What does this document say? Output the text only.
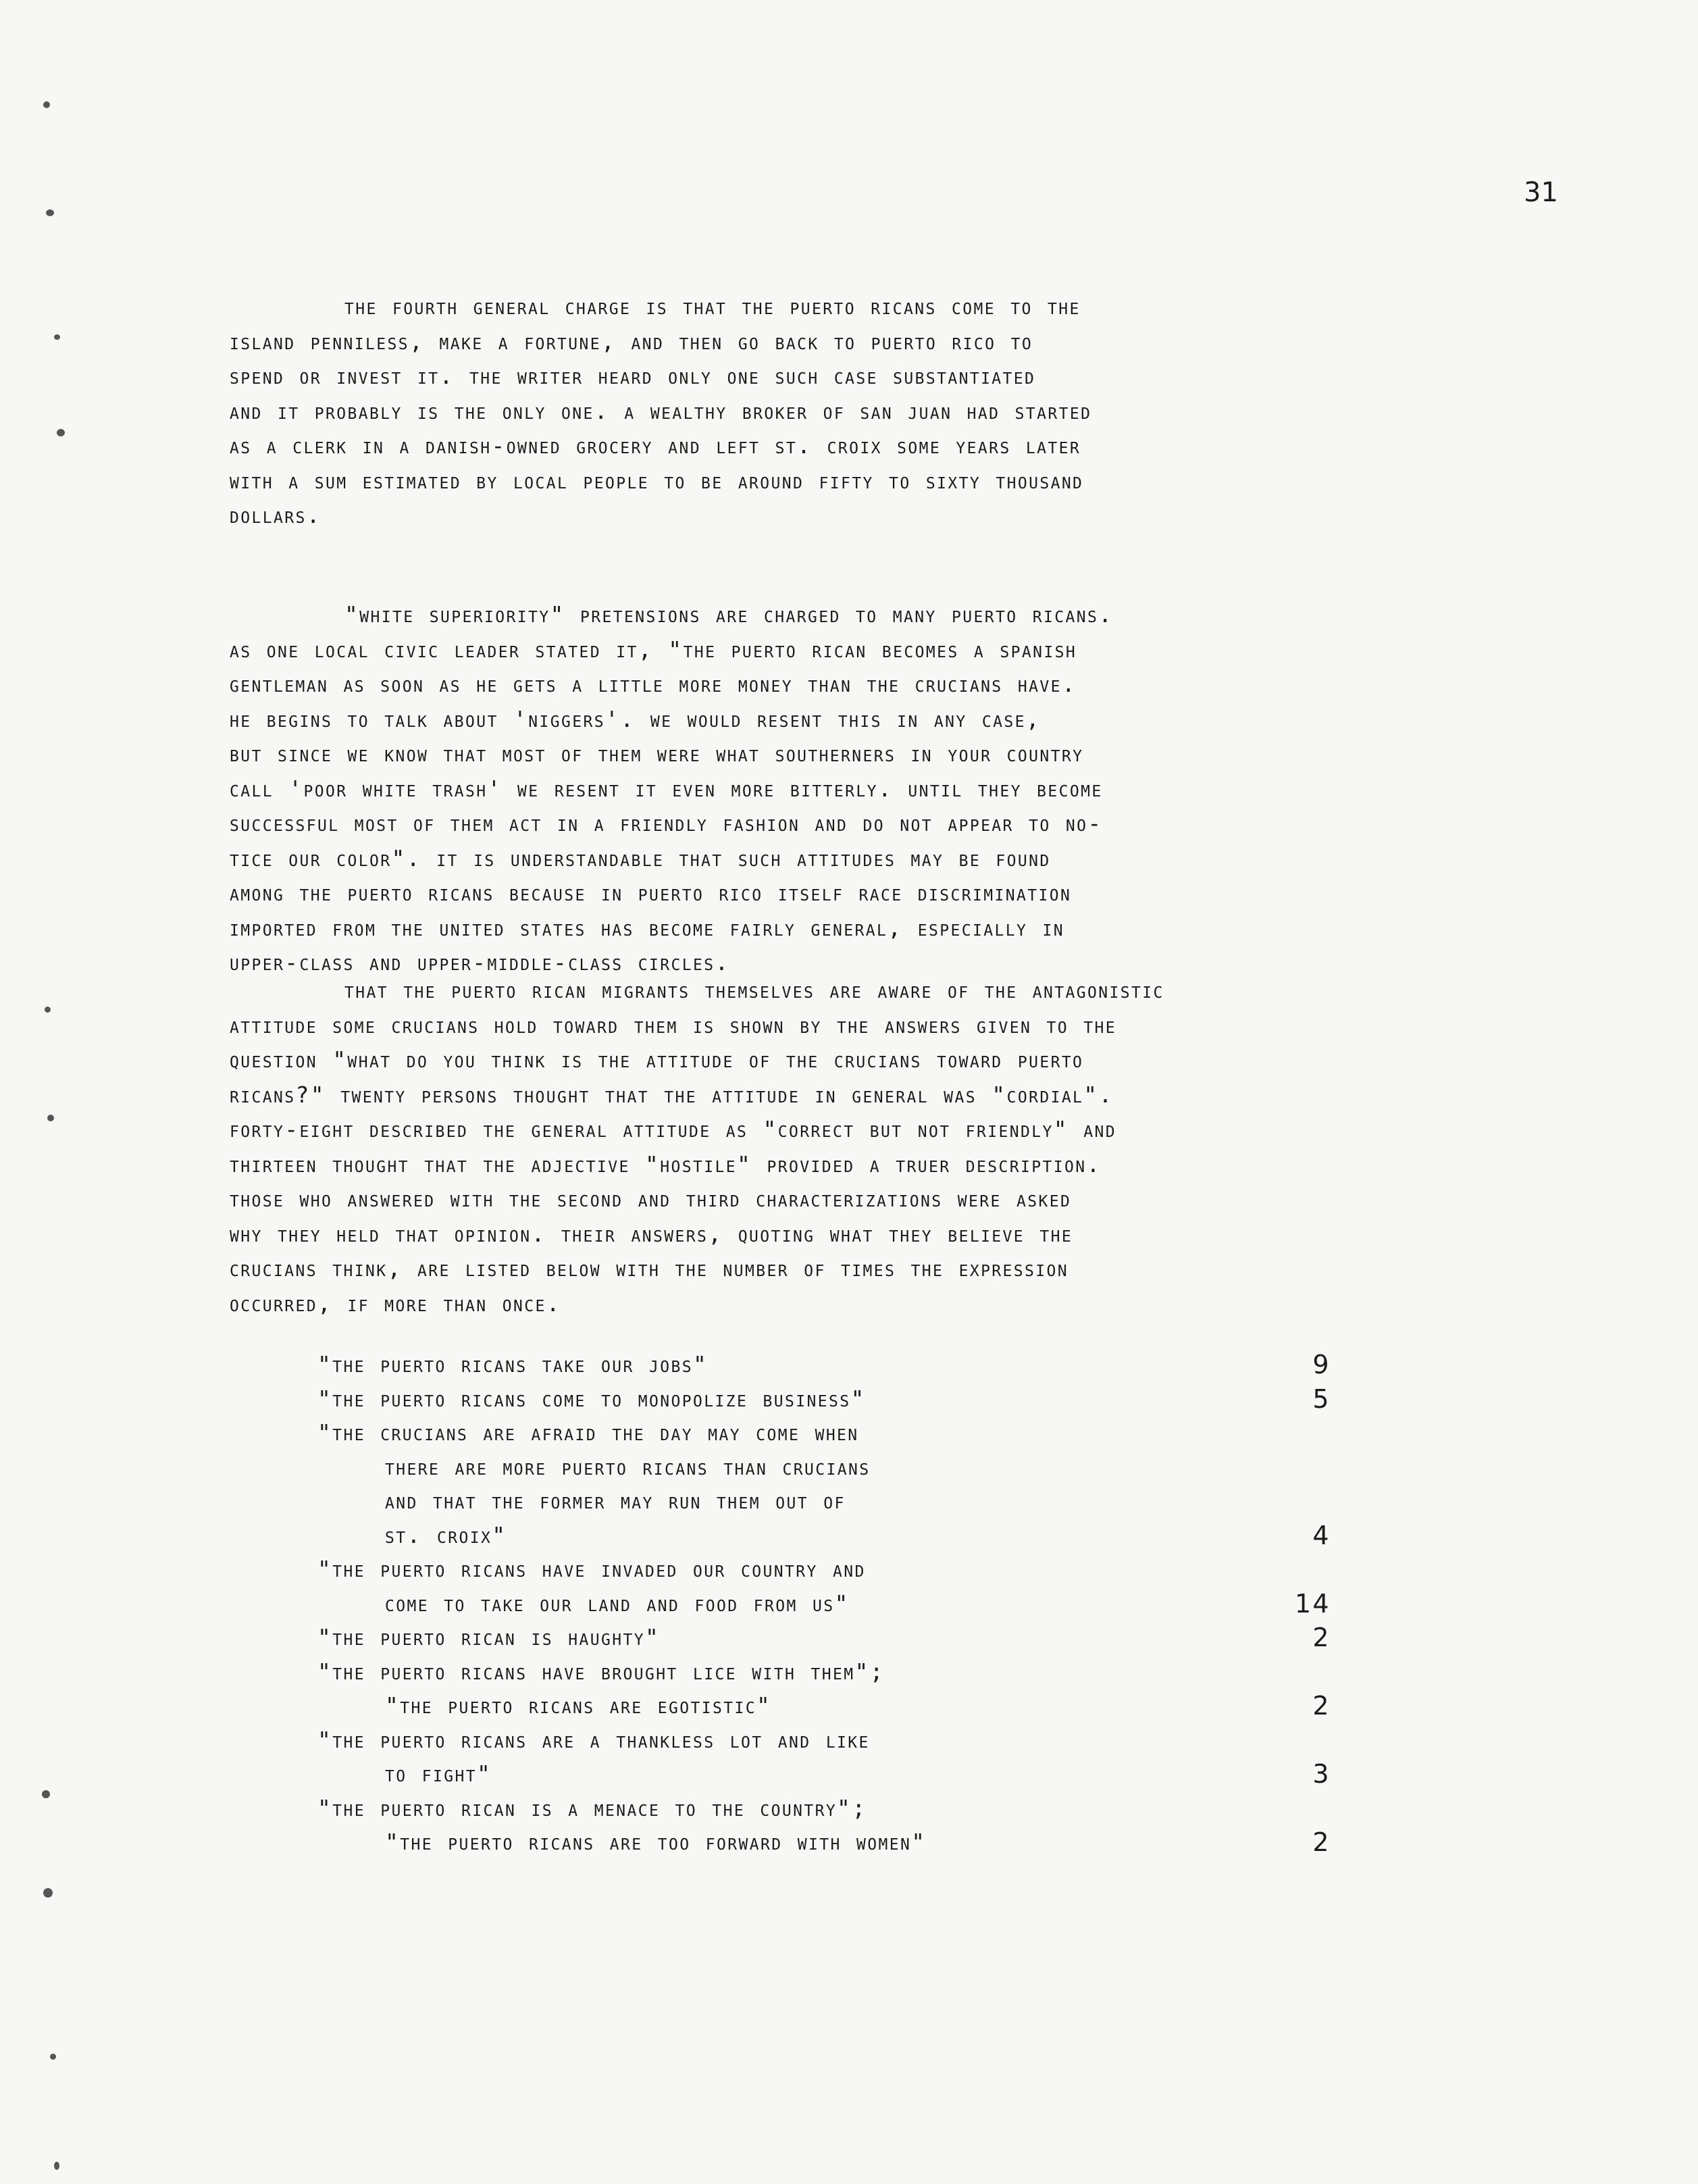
31

the fourth general charge is that the puerto ricans come to the
island penniless, make a fortune, and then go back to puerto rico to
spend or invest it. the writer heard only one such case substantiated
and it probably is the only one. a wealthy broker of san juan had started
as a clerk in a danish-owned grocery and left st. croix some years later
with a sum estimated by local people to be around fifty to sixty thousand
dollars.

"white superiority" pretensions are charged to many puerto ricans.
as one local civic leader stated it, "the puerto rican becomes a spanish
gentleman as soon as he gets a little more money than the crucians have.
he begins to talk about 'niggers'. we would resent this in any case,
but since we know that most of them were what southerners in your country
call 'poor white trash' we resent it even more bitterly. until they become
successful most of them act in a friendly fashion and do not appear to no-
tice our color". it is understandable that such attitudes may be found
among the puerto ricans because in puerto rico itself race discrimination
imported from the united states has become fairly general, especially in
upper-class and upper-middle-class circles.

that the puerto rican migrants themselves are aware of the antagonistic
attitude some crucians hold toward them is shown by the answers given to the
question "what do you think is the attitude of the crucians toward puerto
ricans?" twenty persons thought that the attitude in general was "cordial".
forty-eight described the general attitude as "correct but not friendly" and
thirteen thought that the adjective "hostile" provided a truer description.
those who answered with the second and third characterizations were asked
why they held that opinion. their answers, quoting what they believe the
crucians think, are listed below with the number of times the expression
occurred, if more than once.

"the puerto ricans take our jobs"	9
"the puerto ricans come to monopolize business"	5
"the crucians are afraid the day may come when
there are more puerto ricans than crucians
and that the former may run them out of
st. croix"	4
"the puerto ricans have invaded our country and
come to take our land and food from us"	14
"the puerto rican is haughty"	2
"the puerto ricans have brought lice with them";
"the puerto ricans are egotistic"	2
"the puerto ricans are a thankless lot and like
to fight"	3
"the puerto rican is a menace to the country";
"the puerto ricans are too forward with women"	2
